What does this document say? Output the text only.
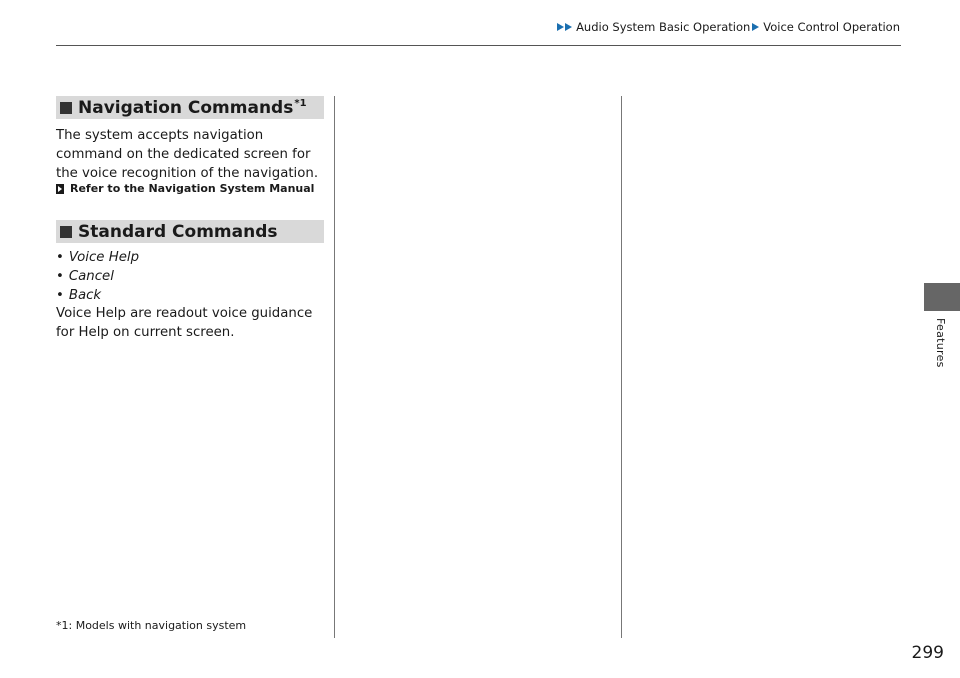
Audio System Basic Operation Voice Control Operation
Navigation Commands$^{*1}$
The system accepts navigation command on the dedicated screen for the voice recognition of the navigation.
Refer to the Navigation System Manual
Standard Commands
• Voice Help
• Cancel
• Back
Voice Help are readout voice guidance for Help on current screen.
*1: Models with navigation system
Features
299
